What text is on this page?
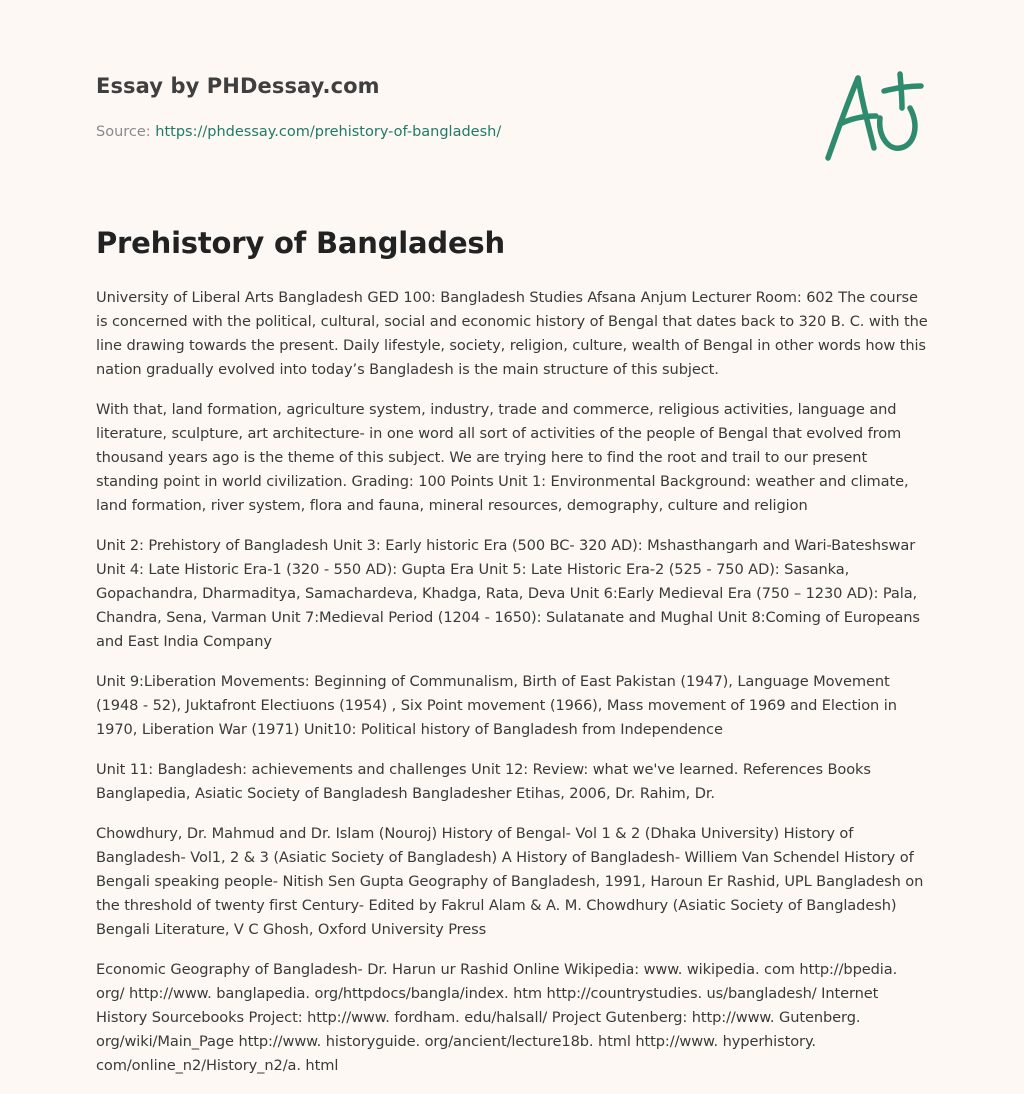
Essay by PHDessay.com
Source: https://phdessay.com/prehistory-of-bangladesh/
Prehistory of Bangladesh

University of Liberal Arts Bangladesh GED 100: Bangladesh Studies Afsana Anjum Lecturer Room: 602 The course is concerned with the political, cultural, social and economic history of Bengal that dates back to 320 B. C. with the line drawing towards the present. Daily lifestyle, society, religion, culture, wealth of Bengal in other words how this nation gradually evolved into today’s Bangladesh is the main structure of this subject.

With that, land formation, agriculture system, industry, trade and commerce, religious activities, language and literature, sculpture, art architecture- in one word all sort of activities of the people of Bengal that evolved from thousand years ago is the theme of this subject. We are trying here to find the root and trail to our present standing point in world civilization. Grading: 100 Points Unit 1: Environmental Background: weather and climate, land formation, river system, flora and fauna, mineral resources, demography, culture and religion

Unit 2: Prehistory of Bangladesh Unit 3: Early historic Era (500 BC- 320 AD): Mshasthangarh and Wari-Bateshswar Unit 4: Late Historic Era-1 (320 - 550 AD): Gupta Era Unit 5: Late Historic Era-2 (525 - 750 AD): Sasanka, Gopachandra, Dharmaditya, Samachardeva, Khadga, Rata, Deva Unit 6:Early Medieval Era (750 – 1230 AD): Pala, Chandra, Sena, Varman Unit 7:Medieval Period (1204 - 1650): Sulatanate and Mughal Unit 8:Coming of Europeans and East India Company

Unit 9:Liberation Movements: Beginning of Communalism, Birth of East Pakistan (1947), Language Movement (1948 - 52), Juktafront Electiuons (1954) , Six Point movement (1966), Mass movement of 1969 and Election in 1970, Liberation War (1971) Unit10: Political history of Bangladesh from Independence

Unit 11: Bangladesh: achievements and challenges Unit 12: Review: what we've learned. References Books Banglapedia, Asiatic Society of Bangladesh Bangladesher Etihas, 2006, Dr. Rahim, Dr.

Chowdhury, Dr. Mahmud and Dr. Islam (Nouroj) History of Bengal- Vol 1 & 2 (Dhaka University) History of Bangladesh- Vol1, 2 & 3 (Asiatic Society of Bangladesh) A History of Bangladesh- Williem Van Schendel History of Bengali speaking people- Nitish Sen Gupta Geography of Bangladesh, 1991, Haroun Er Rashid, UPL Bangladesh on the threshold of twenty first Century- Edited by Fakrul Alam & A. M. Chowdhury (Asiatic Society of Bangladesh) Bengali Literature, V C Ghosh, Oxford University Press

Economic Geography of Bangladesh- Dr. Harun ur Rashid Online Wikipedia: www. wikipedia. com http://bpedia. org/ http://www. banglapedia. org/httpdocs/bangla/index. htm http://countrystudies. us/bangladesh/ Internet History Sourcebooks Project: http://www. fordham. edu/halsall/ Project Gutenberg: http://www. Gutenberg. org/wiki/Main_Page http://www. historyguide. org/ancient/lecture18b. html http://www. hyperhistory. com/online_n2/History_n2/a. html
